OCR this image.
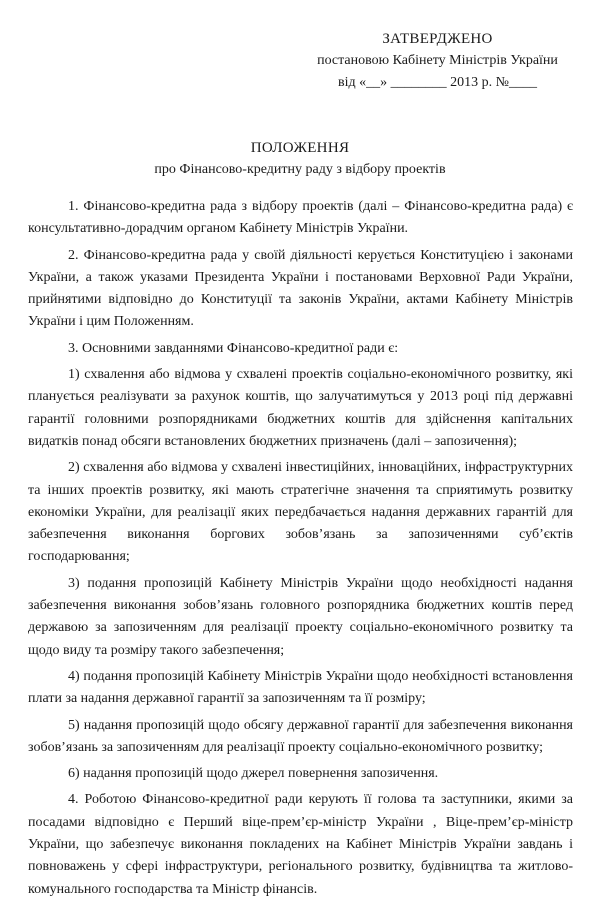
ЗАТВЕРДЖЕНО
постановою Кабінету Міністрів України
від «__» ________ 2013 р. №____
ПОЛОЖЕННЯ
про Фінансово-кредитну раду з відбору проектів

1. Фінансово-кредитна рада з відбору проектів (далі – Фінансово-кредитна рада) є консультативно-дорадчим органом Кабінету Міністрів України.

2. Фінансово-кредитна рада у своїй діяльності керується Конституцією і законами України, а також указами Президента України і постановами Верховної Ради України, прийнятими відповідно до Конституції та законів України, актами Кабінету Міністрів України і цим Положенням.

3. Основними завданнями Фінансово-кредитної ради є:

1) схвалення або відмова у схвалені проектів соціально-економічного розвитку, які планується реалізувати за рахунок коштів, що залучатимуться у 2013 році під державні гарантії головними розпорядниками бюджетних коштів для здійснення капітальних видатків понад обсяги встановлених бюджетних призначень (далі – запозичення);

2) схвалення або відмова у схвалені інвестиційних, інноваційних, інфраструктурних та інших проектів розвитку, які мають стратегічне значення та сприятимуть розвитку економіки України, для реалізації яких передбачається надання державних гарантій для забезпечення виконання боргових зобов’язань за запозиченнями суб’єктів господарювання;

3) подання пропозицій Кабінету Міністрів України щодо необхідності надання забезпечення виконання зобов’язань головного розпорядника бюджетних коштів перед державою за запозиченням для реалізації проекту соціально-економічного розвитку та щодо виду та розміру такого забезпечення;

4) подання пропозицій Кабінету Міністрів України щодо необхідності встановлення плати за надання державної гарантії за запозиченням та її розміру;

5) надання пропозицій щодо обсягу державної гарантії для забезпечення виконання зобов’язань за запозиченням для реалізації проекту соціально-економічного розвитку;

6) надання пропозицій щодо джерел повернення запозичення.

4. Роботою Фінансово-кредитної ради керують її голова та заступники, якими за посадами відповідно є Перший віце-прем’єр-міністр України , Віце-прем’єр-міністр України, що забезпечує виконання покладених на Кабінет Міністрів України завдань і повноважень у сфері інфраструктури, регіонального розвитку, будівництва та житлово-комунального господарства та Міністр фінансів.
